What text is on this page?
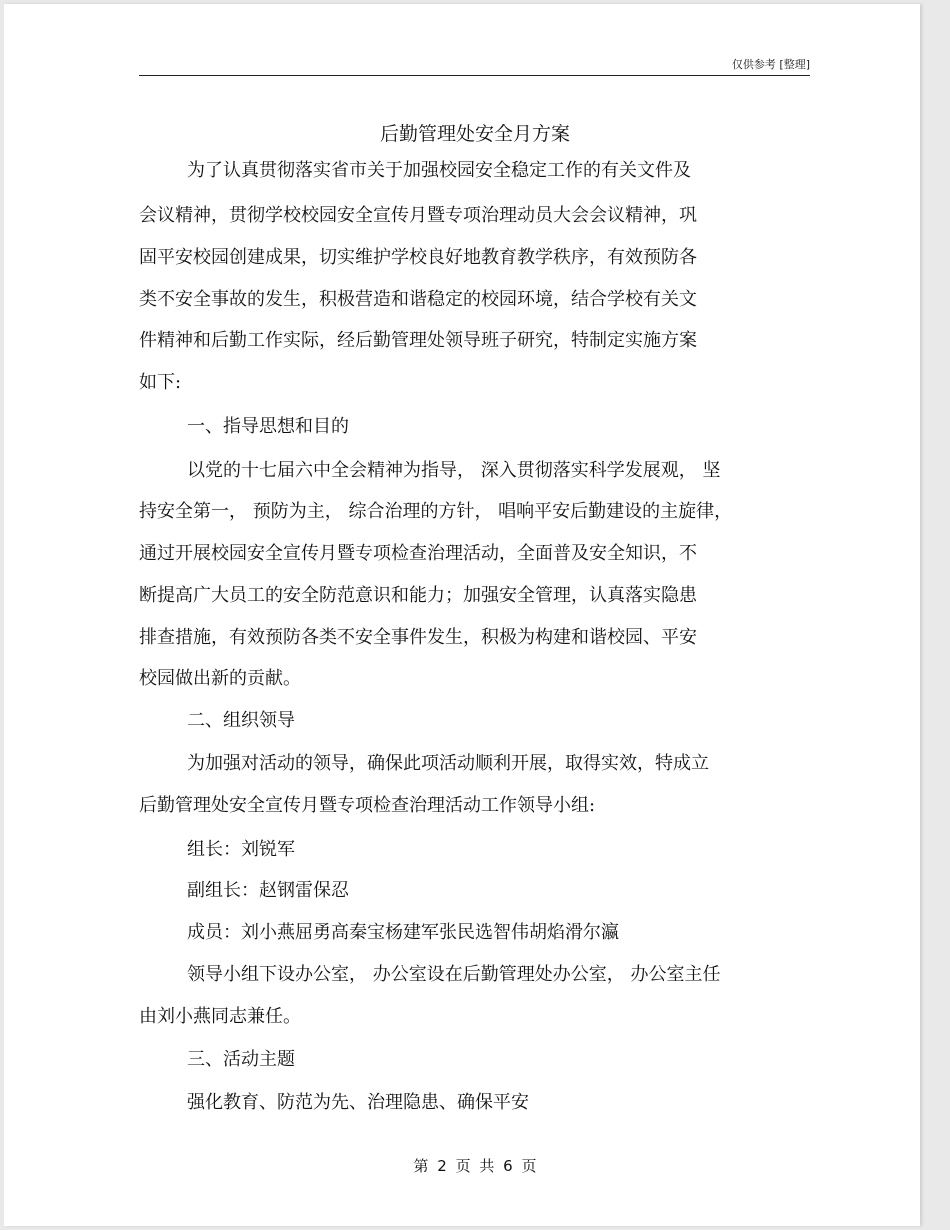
仅供参考 [整理]
后勤管理处安全月方案
为了认真贯彻落实省市关于加强校园安全稳定工作的有关文件及
会议精神，贯彻学校校园安全宣传月暨专项治理动员大会会议精神，巩
固平安校园创建成果，切实维护学校良好地教育教学秩序，有效预防各
类不安全事故的发生，积极营造和谐稳定的校园环境，结合学校有关文
件精神和后勤工作实际，经后勤管理处领导班子研究，特制定实施方案
如下:
一、指导思想和目的
以党的十七届六中全会精神为指导， 深入贯彻落实科学发展观， 坚
持安全第一， 预防为主， 综合治理的方针， 唱响平安后勤建设的主旋律，
通过开展校园安全宣传月暨专项检查治理活动，全面普及安全知识，不
断提高广大员工的安全防范意识和能力；加强安全管理，认真落实隐患
排查措施，有效预防各类不安全事件发生，积极为构建和谐校园、平安
校园做出新的贡献。
二、组织领导
为加强对活动的领导，确保此项活动顺利开展，取得实效，特成立
后勤管理处安全宣传月暨专项检查治理活动工作领导小组:
组长：刘锐军
副组长：赵钢雷保忍
成员：刘小燕屈勇高秦宝杨建军张民选智伟胡焰滑尔瀛
领导小组下设办公室， 办公室设在后勤管理处办公室， 办公室主任
由刘小燕同志兼任。
三、活动主题
强化教育、防范为先、治理隐患、确保平安
第 2 页 共 6 页
